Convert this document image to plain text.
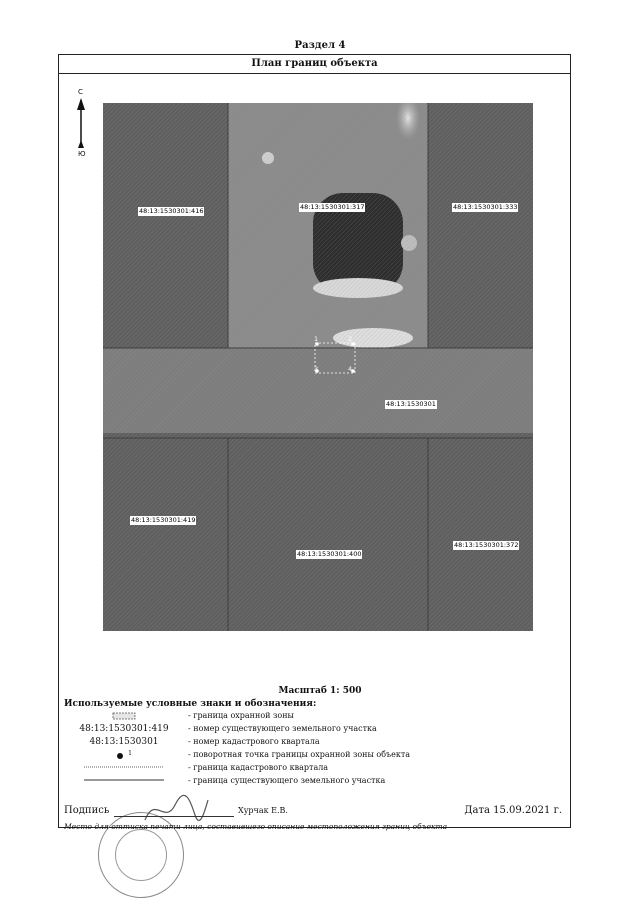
Раздел 4
План границ объекта
С
Ю
48:13:1530301:416	48:13:1530301:317	48:13:1530301:333
48:13:1530301
48:13:1530301:419
48:13:1530301:400
48:13:1530301:372
1	2
3	4
Масштаб 1: 500
Используемые условные знаки и обозначения:
- граница охранной зоны
48:13:1530301:419	- номер существующего земельного участка
48:13:1530301	- номер кадастрового квартала
$^1$	- поворотная точка границы охранной зоны объекта
- граница кадастрового квартала
- граница существующего земельного участка
Подпись	Хурчак Е.В.	Дата 15.09.2021 г.
Место для оттиска печати лица, составившего описание местоположения границ объекта
